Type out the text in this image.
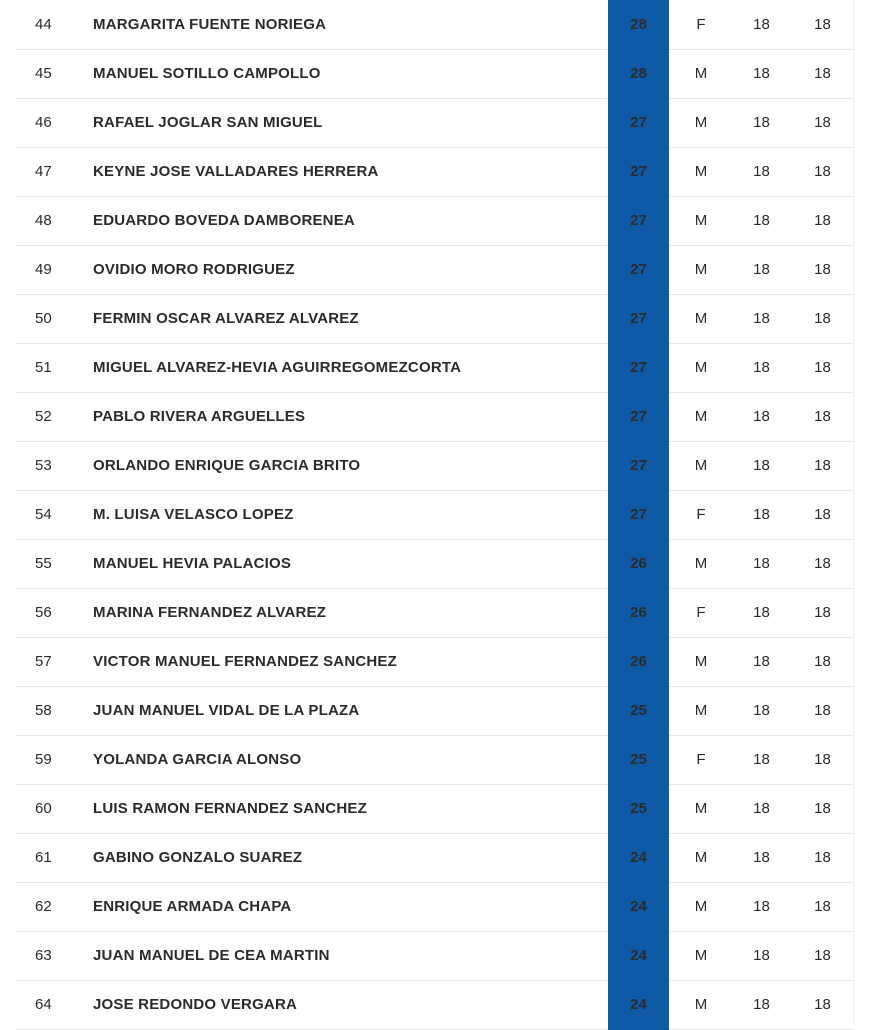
44	MARGARITA FUENTE NORIEGA	28	F	18	18
45	MANUEL SOTILLO CAMPOLLO	28	M	18	18
46	RAFAEL JOGLAR SAN MIGUEL	27	M	18	18
47	KEYNE JOSE VALLADARES HERRERA	27	M	18	18
48	EDUARDO BOVEDA DAMBORENEA	27	M	18	18
49	OVIDIO MORO RODRIGUEZ	27	M	18	18
50	FERMIN OSCAR ALVAREZ ALVAREZ	27	M	18	18
51	MIGUEL ALVAREZ-HEVIA AGUIRREGOMEZCORTA	27	M	18	18
52	PABLO RIVERA ARGUELLES	27	M	18	18
53	ORLANDO ENRIQUE GARCIA BRITO	27	M	18	18
54	M. LUISA VELASCO LOPEZ	27	F	18	18
55	MANUEL HEVIA PALACIOS	26	M	18	18
56	MARINA FERNANDEZ ALVAREZ	26	F	18	18
57	VICTOR MANUEL FERNANDEZ SANCHEZ	26	M	18	18
58	JUAN MANUEL VIDAL DE LA PLAZA	25	M	18	18
59	YOLANDA GARCIA ALONSO	25	F	18	18
60	LUIS RAMON FERNANDEZ SANCHEZ	25	M	18	18
61	GABINO GONZALO SUAREZ	24	M	18	18
62	ENRIQUE ARMADA CHAPA	24	M	18	18
63	JUAN MANUEL DE CEA MARTIN	24	M	18	18
64	JOSE REDONDO VERGARA	24	M	18	18
